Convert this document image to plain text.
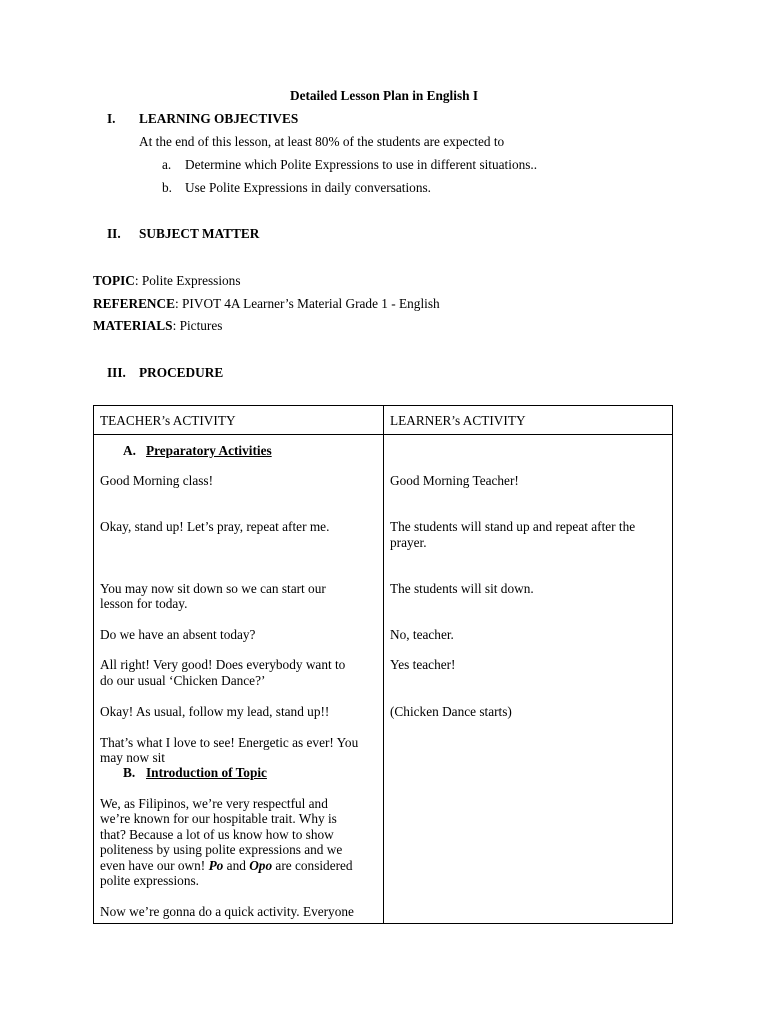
Detailed Lesson Plan in English I
I. LEARNING OBJECTIVES
At the end of this lesson, at least 80% of the students are expected to
a. Determine which Polite Expressions to use in different situations..
b. Use Polite Expressions in daily conversations.
II. SUBJECT MATTER
TOPIC: Polite Expressions
REFERENCE: PIVOT 4A Learner’s Material Grade 1 - English
MATERIALS: Pictures
III. PROCEDURE
TEACHER’s ACTIVITY	LEARNER’s ACTIVITY
A. Preparatory Activities
Good Morning class!
Okay, stand up! Let’s pray, repeat after me.
You may now sit down so we can start our
lesson for today.
Do we have an absent today?
All right! Very good! Does everybody want to
do our usual ‘Chicken Dance?’
Okay! As usual, follow my lead, stand up!!
That’s what I love to see! Energetic as ever! You
may now sit
B. Introduction of Topic
We, as Filipinos, we’re very respectful and
we’re known for our hospitable trait. Why is
that? Because a lot of us know how to show
politeness by using polite expressions and we
even have our own! Po and Opo are considered
polite expressions.
Now we’re gonna do a quick activity. Everyone
Good Morning Teacher!
The students will stand up and repeat after the
prayer.
The students will sit down.
No, teacher.
Yes teacher!
(Chicken Dance starts)
